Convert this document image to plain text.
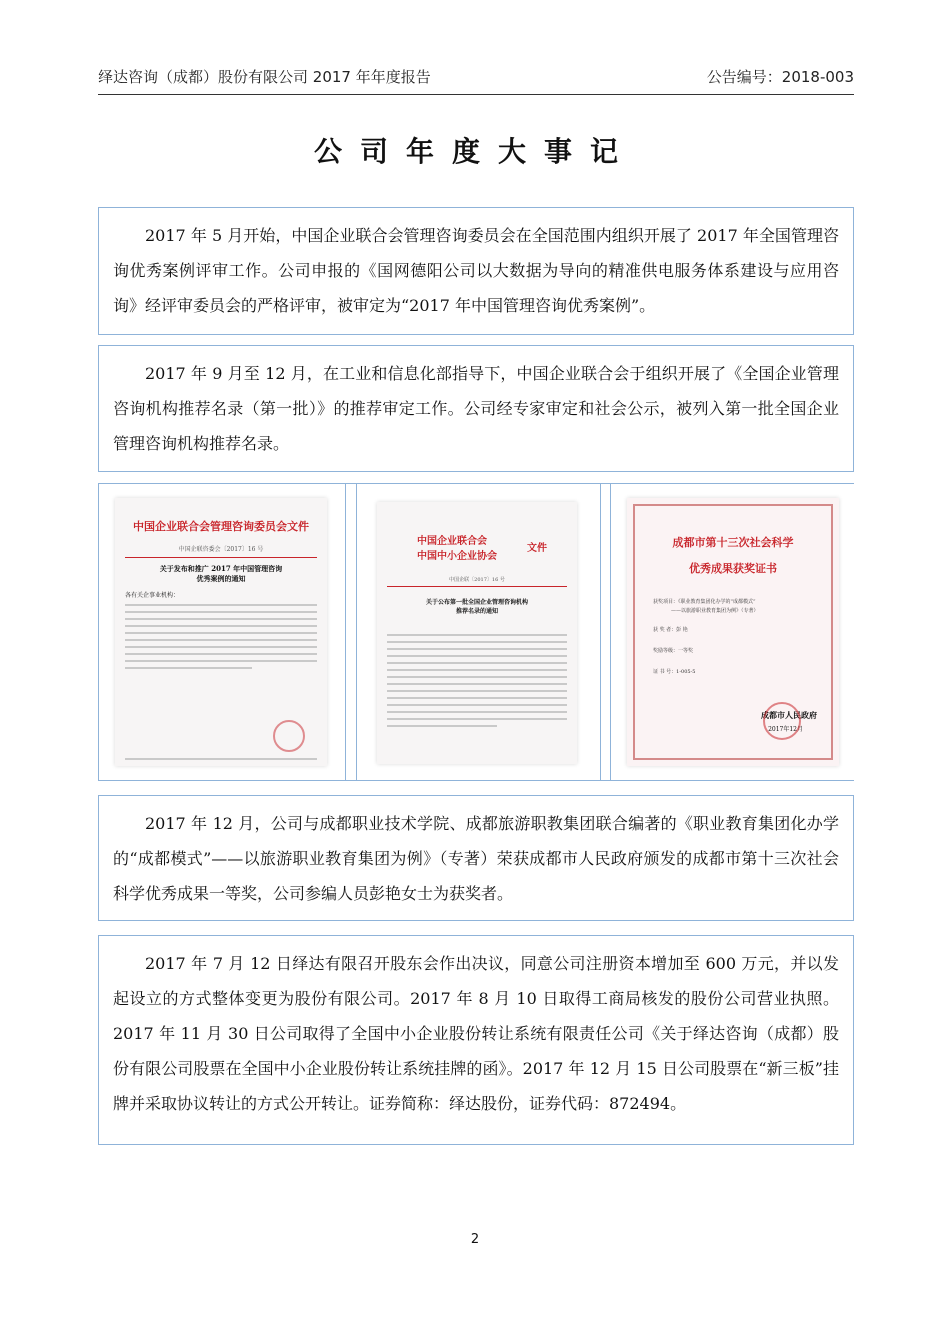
绎达咨询（成都）股份有限公司 2017 年年度报告	公告编号：2018-003
公司年度大事记
2017 年 5 月开始，中国企业联合会管理咨询委员会在全国范围内组织开展了 2017 年全国管理咨询优秀案例评审工作。公司申报的《国网德阳公司以大数据为导向的精准供电服务体系建设与应用咨询》经评审委员会的严格评审，被审定为“2017 年中国管理咨询优秀案例”。
2017 年 9 月至 12 月，在工业和信息化部指导下，中国企业联合会于组织开展了《全国企业管理咨询机构推荐名录（第一批）》的推荐审定工作。公司经专家审定和社会公示，被列入第一批全国企业管理咨询机构推荐名录。
中国企业联合会管理咨询委员会文件
中国企联咨委会〔2017〕16 号
关于发布和推广 2017 年中国管理咨询
优秀案例的通知
各有关企事业机构：
中国企业联合会
中国中小企业协会
文件
中国企联〔2017〕16 号
关于公布第一批全国企业管理咨询机构
推荐名录的通知
成都市第十三次社会科学
优秀成果获奖证书
获奖项目：《职业教育集团化办学的“成都模式”
——以旅游职业教育集团为例》（专著）
获 奖 者：彭 艳
奖励等级：一等奖
证 书 号：1-005-5
成都市人民政府
2017年12月
2017 年 12 月，公司与成都职业技术学院、成都旅游职教集团联合编著的《职业教育集团化办学的“成都模式”——以旅游职业教育集团为例》（专著）荣获成都市人民政府颁发的成都市第十三次社会科学优秀成果一等奖，公司参编人员彭艳女士为获奖者。
2017 年 7 月 12 日绎达有限召开股东会作出决议，同意公司注册资本增加至 600 万元，并以发起设立的方式整体变更为股份有限公司。2017 年 8 月 10 日取得工商局核发的股份公司营业执照。2017 年 11 月 30 日公司取得了全国中小企业股份转让系统有限责任公司《关于绎达咨询（成都）股份有限公司股票在全国中小企业股份转让系统挂牌的函》。2017 年 12 月 15 日公司股票在“新三板”挂牌并采取协议转让的方式公开转让。证券简称：绎达股份，证券代码：872494。
2
